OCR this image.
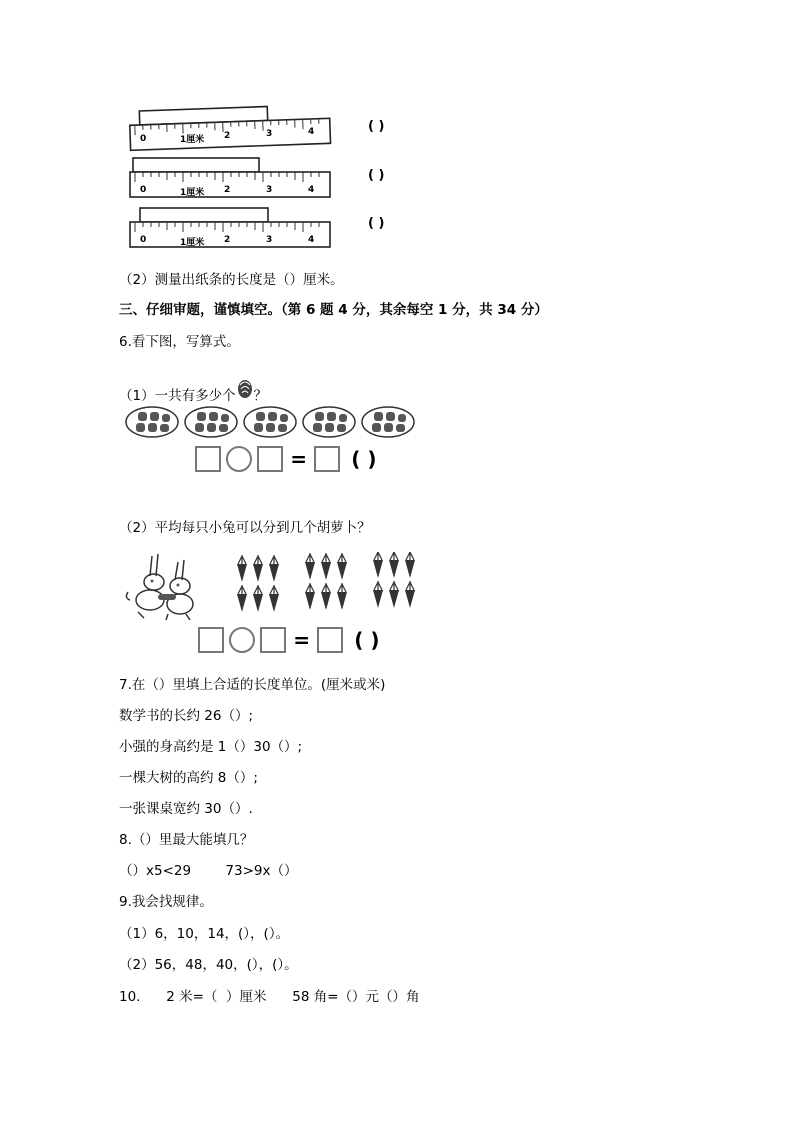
0	1厘米 2	3	4
0	1厘米 2	3	4
0	1厘米 2	3	4
( )
( )
( )
（2）测量出纸条的长度是（）厘米。
三、仔细审题，谨慎填空。（第 6 题 4 分，其余每空 1 分，共 34 分）
6.看下图，写算式。
（1）一共有多少个 ？
= ( )
（2）平均每只小兔可以分到几个胡萝卜？
= ( )
7.在（）里填上合适的长度单位。(厘米或米)
数学书的长约 26（）;
小强的身高约是 1（）30（）;
一棵大树的高约 8（）;
一张课桌宽约 30（）.
8.（）里最大能填几？
（）x5<29        73>9x（）
9.我会找规律。
（1）6，10，14，(），(）。
（2）56，48，40，(），(）。
10.      2 米=（  ）厘米      58 角=（）元（）角
